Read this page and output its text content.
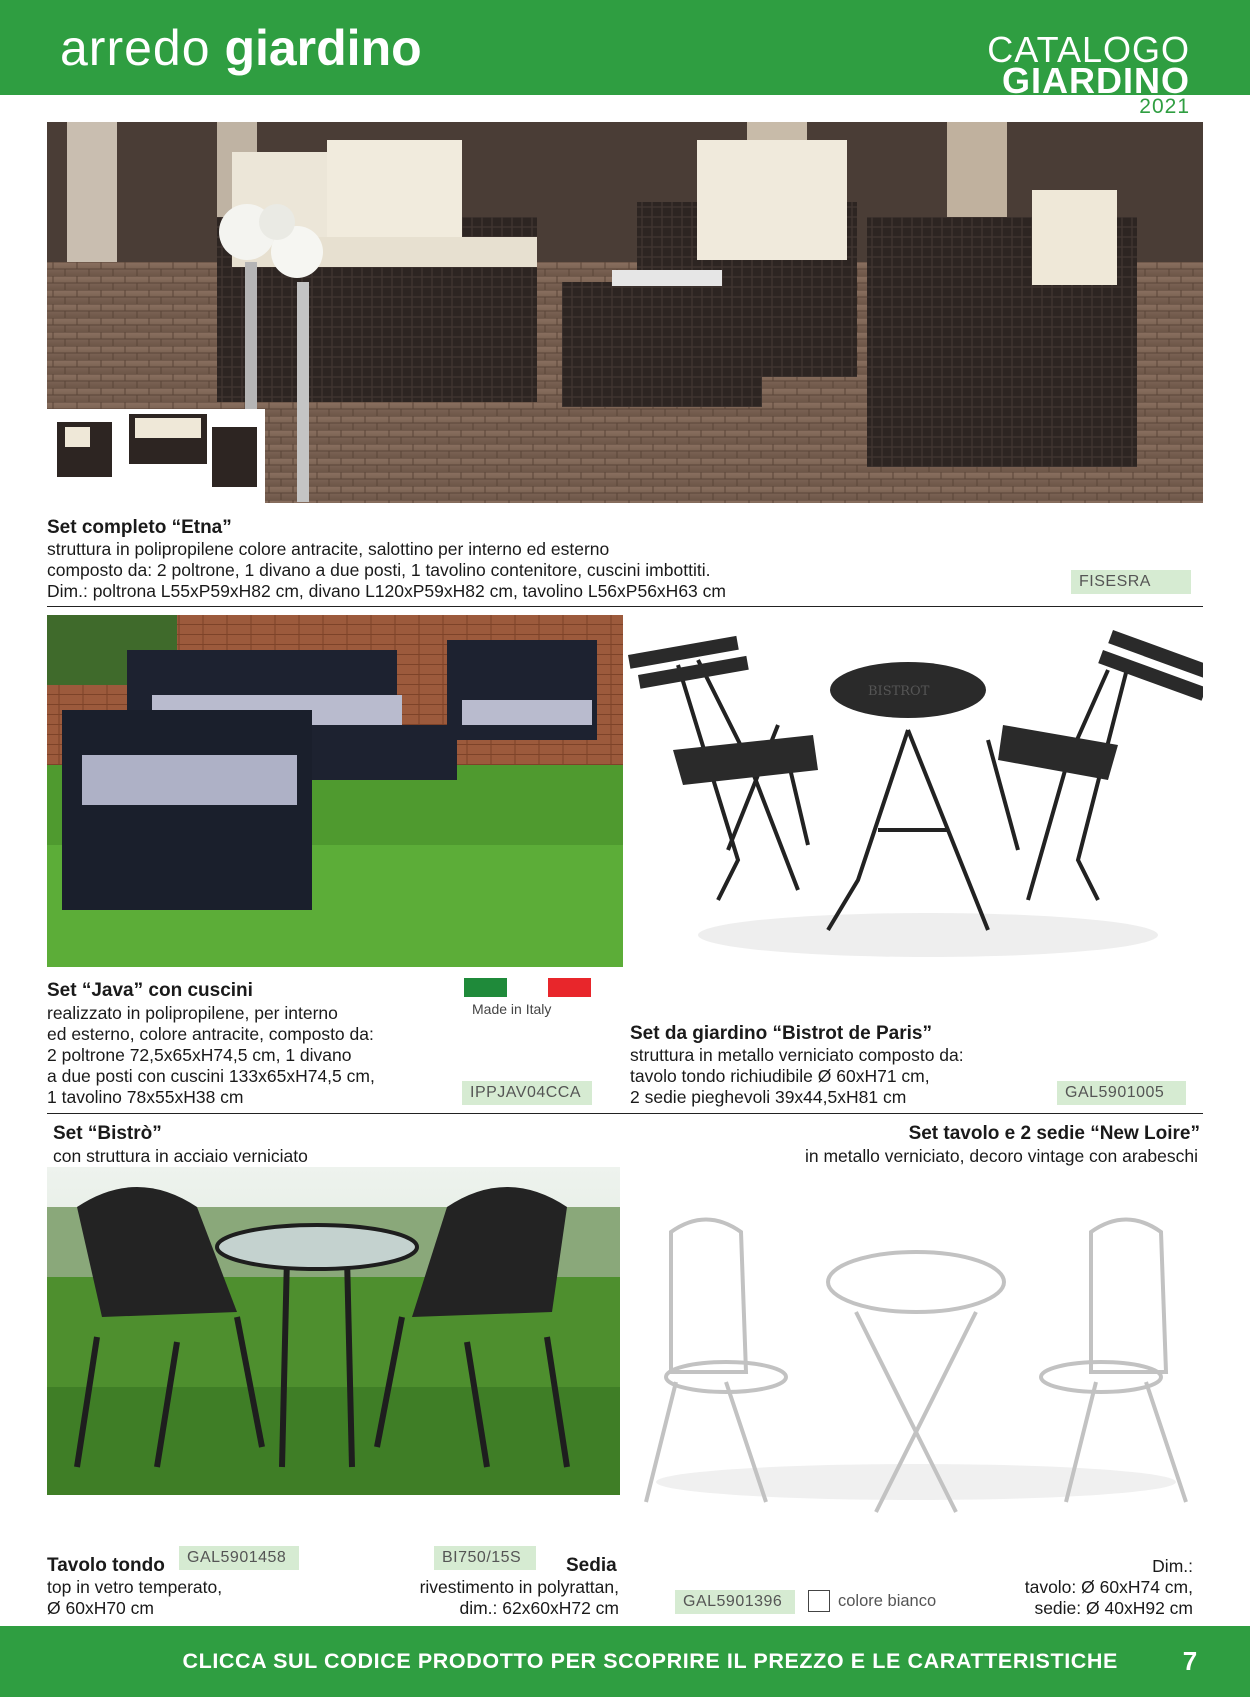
arredo giardino	CATALOGO
GIARDINO
2021
Set completo “Etna”
struttura in polipropilene colore antracite, salottino per interno ed esterno
composto da: 2 poltrone, 1 divano a due posti, 1 tavolino contenitore, cuscini imbottiti.
Dim.: poltrona L55xP59xH82 cm, divano L120xP59xH82 cm, tavolino L56xP56xH63 cm	FISESRA
BISTROT
Set “Java” con cuscini
realizzato in polipropilene, per interno
ed esterno, colore antracite, composto da:
2 poltrone 72,5x65xH74,5 cm, 1 divano
a due posti con cuscini 133x65xH74,5 cm,
1 tavolino 78x55xH38 cm
Made in Italy
IPPJAV04CCA
Set da giardino “Bistrot de Paris”
struttura in metallo verniciato composto da:
tavolo tondo richiudibile Ø 60xH71 cm,
2 sedie pieghevoli 39x44,5xH81 cm	GAL5901005
Set “Bistrò”
con struttura in acciaio verniciato
Set tavolo e 2 sedie “New Loire”
in metallo verniciato, decoro vintage con arabeschi
Tavolo tondo	GAL5901458
top in vetro temperato,
Ø 60xH70 cm
BI750/15S	Sedia
rivestimento in polyrattan,
dim.: 62x60xH72 cm	GAL5901396	colore bianco
Dim.:
tavolo: Ø 60xH74 cm,
sedie: Ø 40xH92 cm
CLICCA SUL CODICE PRODOTTO PER SCOPRIRE IL PREZZO E LE CARATTERISTICHE	7
